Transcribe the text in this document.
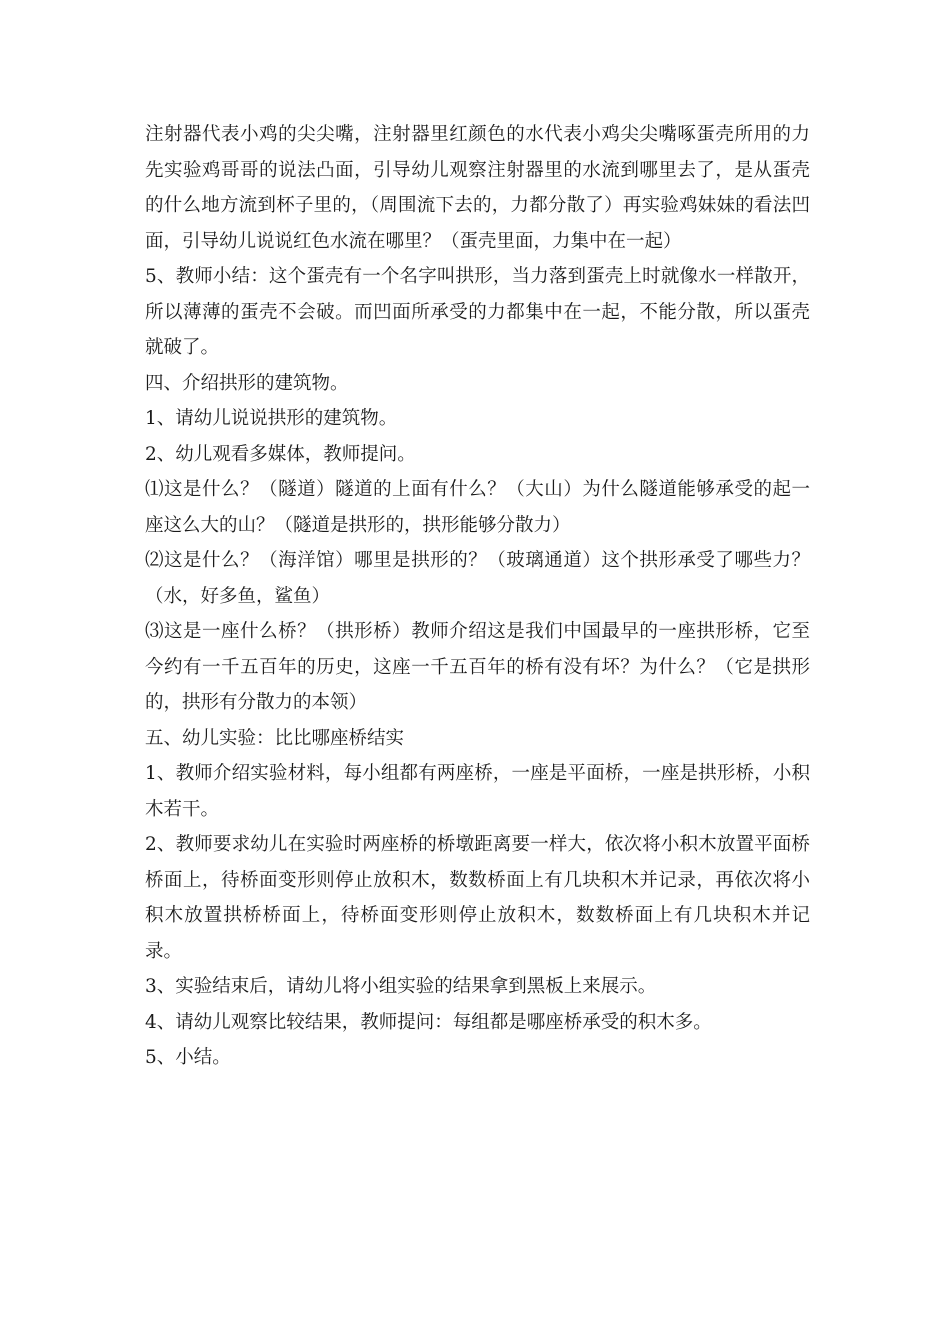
注射器代表小鸡的尖尖嘴，注射器里红颜色的水代表小鸡尖尖嘴啄蛋壳所用的力先实验鸡哥哥的说法凸面，引导幼儿观察注射器里的水流到哪里去了，是从蛋壳的什么地方流到杯子里的，（周围流下去的，力都分散了）再实验鸡妹妹的看法凹面，引导幼儿说说红色水流在哪里？（蛋壳里面，力集中在一起）

5、教师小结：这个蛋壳有一个名字叫拱形，当力落到蛋壳上时就像水一样散开，所以薄薄的蛋壳不会破。而凹面所承受的力都集中在一起，不能分散，所以蛋壳就破了。

四、介绍拱形的建筑物。

1、请幼儿说说拱形的建筑物。

2、幼儿观看多媒体，教师提问。

⑴这是什么？（隧道）隧道的上面有什么？（大山）为什么隧道能够承受的起一座这么大的山？（隧道是拱形的，拱形能够分散力）

⑵这是什么？（海洋馆）哪里是拱形的？（玻璃通道）这个拱形承受了哪些力？（水，好多鱼，鲨鱼）

⑶这是一座什么桥？（拱形桥）教师介绍这是我们中国最早的一座拱形桥，它至今约有一千五百年的历史，这座一千五百年的桥有没有坏？为什么？（它是拱形的，拱形有分散力的本领）

五、幼儿实验：比比哪座桥结实

1、教师介绍实验材料，每小组都有两座桥，一座是平面桥，一座是拱形桥，小积木若干。

2、教师要求幼儿在实验时两座桥的桥墩距离要一样大，依次将小积木放置平面桥桥面上，待桥面变形则停止放积木，数数桥面上有几块积木并记录，再依次将小积木放置拱桥桥面上，待桥面变形则停止放积木，数数桥面上有几块积木并记录。

3、实验结束后，请幼儿将小组实验的结果拿到黑板上来展示。

4、请幼儿观察比较结果，教师提问：每组都是哪座桥承受的积木多。

5、小结。
